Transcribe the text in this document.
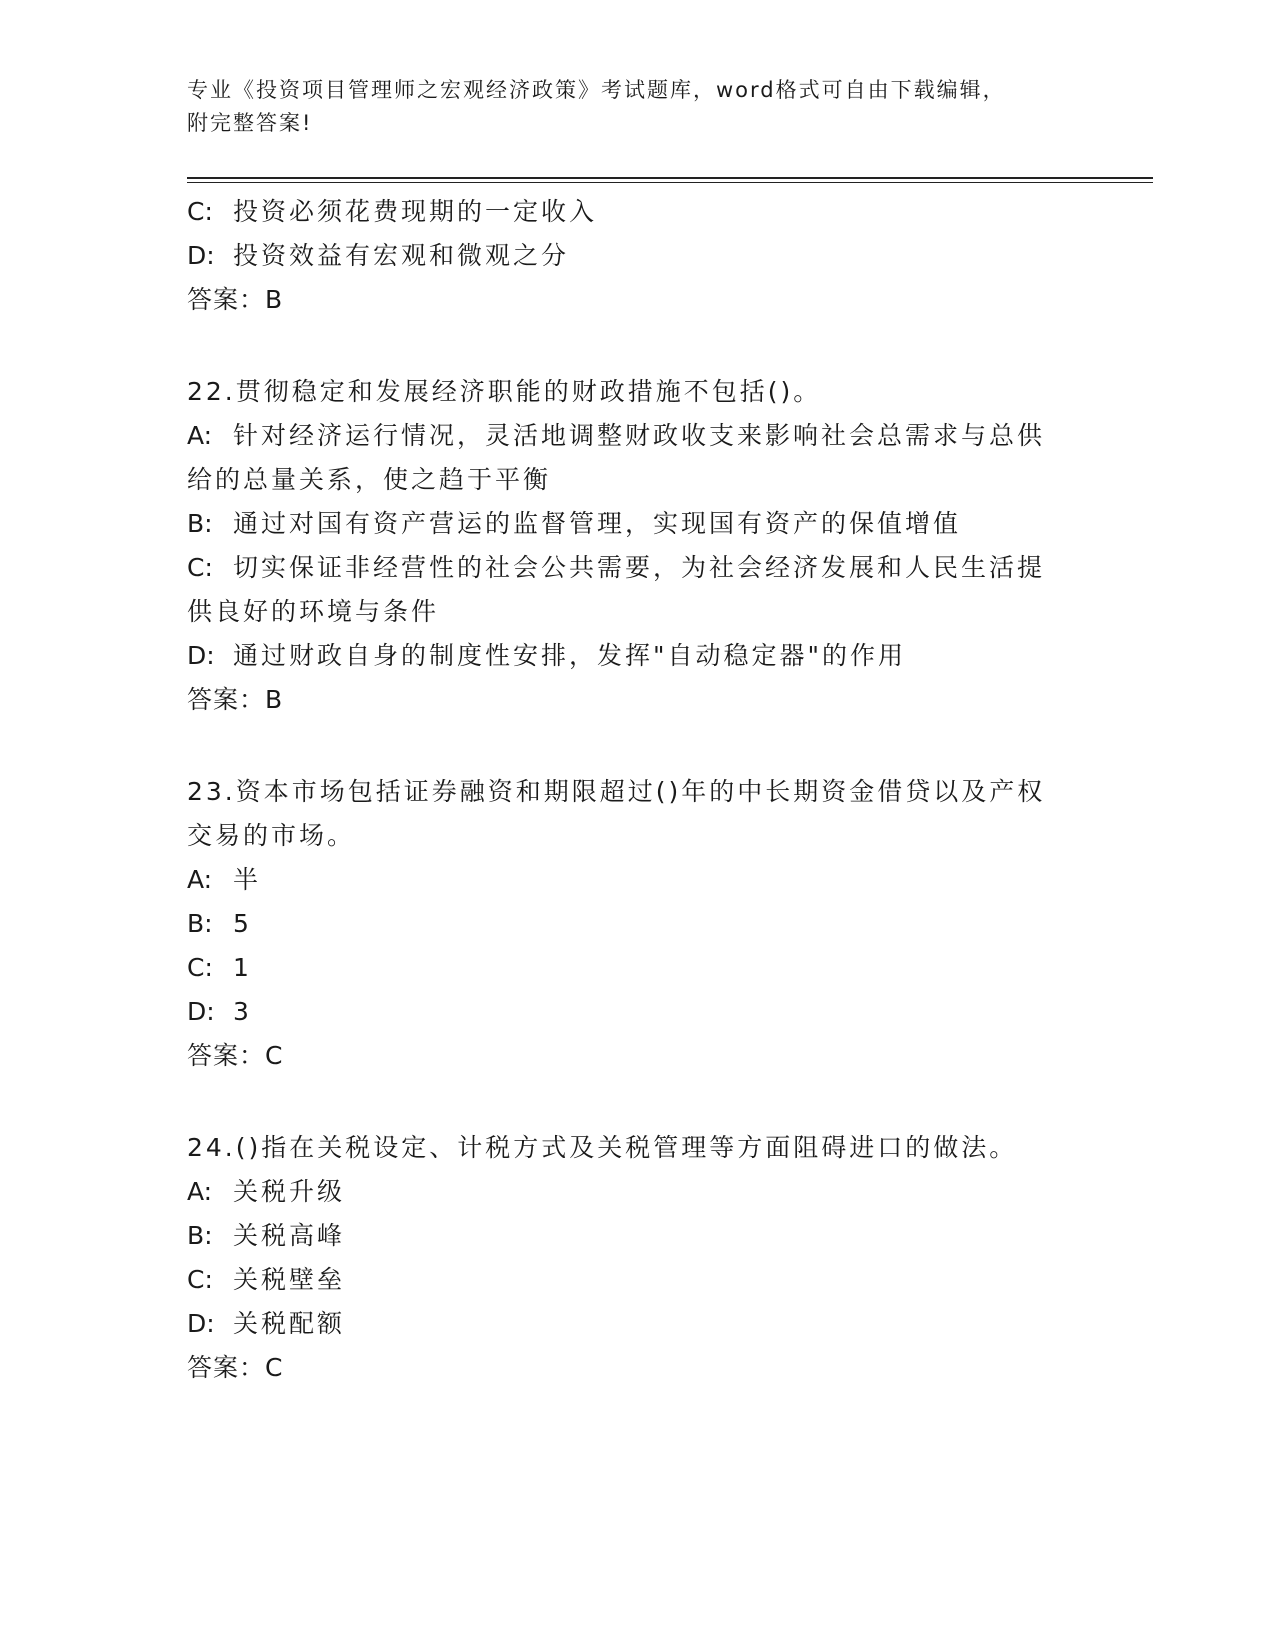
专业《投资项目管理师之宏观经济政策》考试题库，word格式可自由下载编辑，
附完整答案!
C: 投资必须花费现期的一定收入
D: 投资效益有宏观和微观之分
答案：B
22.贯彻稳定和发展经济职能的财政措施不包括()。
A: 针对经济运行情况，灵活地调整财政收支来影响社会总需求与总供
给的总量关系，使之趋于平衡
B: 通过对国有资产营运的监督管理，实现国有资产的保值增值
C: 切实保证非经营性的社会公共需要，为社会经济发展和人民生活提
供良好的环境与条件
D: 通过财政自身的制度性安排，发挥"自动稳定器"的作用
答案：B
23.资本市场包括证券融资和期限超过()年的中长期资金借贷以及产权
交易的市场。
A: 半
B: 5
C: 1
D: 3
答案：C
24.()指在关税设定、计税方式及关税管理等方面阻碍进口的做法。
A: 关税升级
B: 关税高峰
C: 关税壁垒
D: 关税配额
答案：C
